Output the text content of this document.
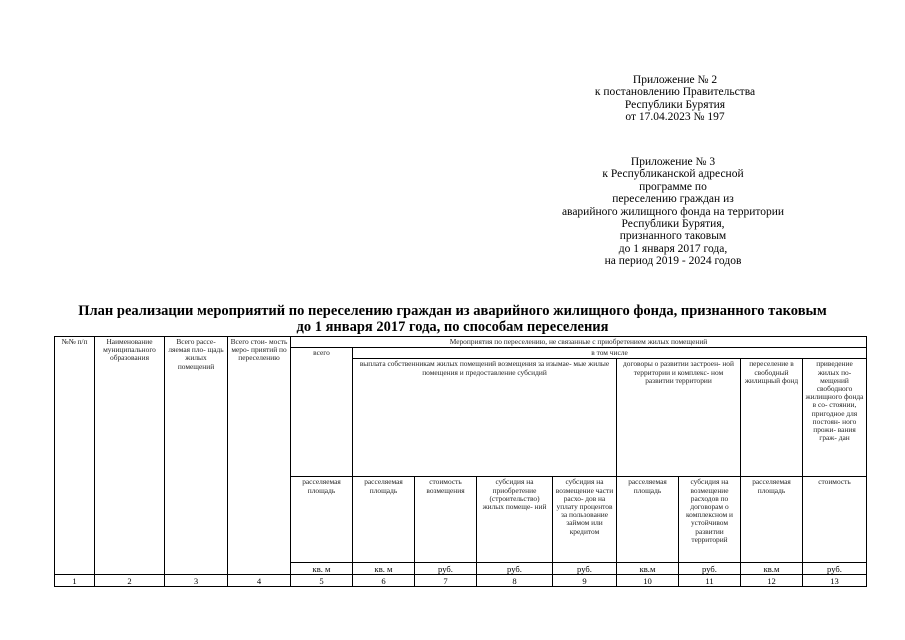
Приложение № 2
к постановлению Правительства
Республики Бурятия
от 17.04.2023 № 197
Приложение № 3
к Республиканской адресной
программе по
переселению граждан из
аварийного жилищного фонда на территории
Республики Бурятия,
признанного таковым
до 1 января 2017 года,
на период 2019 - 2024 годов
План реализации мероприятий по переселению граждан из аварийного жилищного фонда, признанного таковым
до 1 января 2017 года, по способам переселения
№№ п/п	Наименование муниципального образования	Всего рассе- ляемая пло- щадь жилых помещений	Всего стои- мость меро- приятий по переселению	Мероприятия по переселению, не связанные с приобретением жилых помещений								
				всего	в том числе							
					выплата собственникам жилых помещений возмещения за изымае- мые жилые помещения и предоставление субсидий				договоры о развитии застроен- ной территории и комплекс- ном развитии территории		переселение в свободный жилищный фонд	приведение жилых по- мещений свободного жилищного фонда в со- стоянии, пригодное для постоян- ного прожи- вания граж- дан
				расселяемая площадь	расселяемая площадь	стоимость возмещения	субсидия на приобретение (строительство) жилых помеще- ний	субсидия на возмещение части расхо- дов на уплату процентов за пользование займом или кредитом	расселяемая площадь	субсидия на возмещение расходов по договорам о комплексном и устойчивом развитии территорий	расселяемая площадь	стоимость
				кв. м	кв. м	руб.	руб.	руб.	кв.м	руб.	кв.м	руб.
1	2	3	4	5	6	7	8	9	10	11	12	13
